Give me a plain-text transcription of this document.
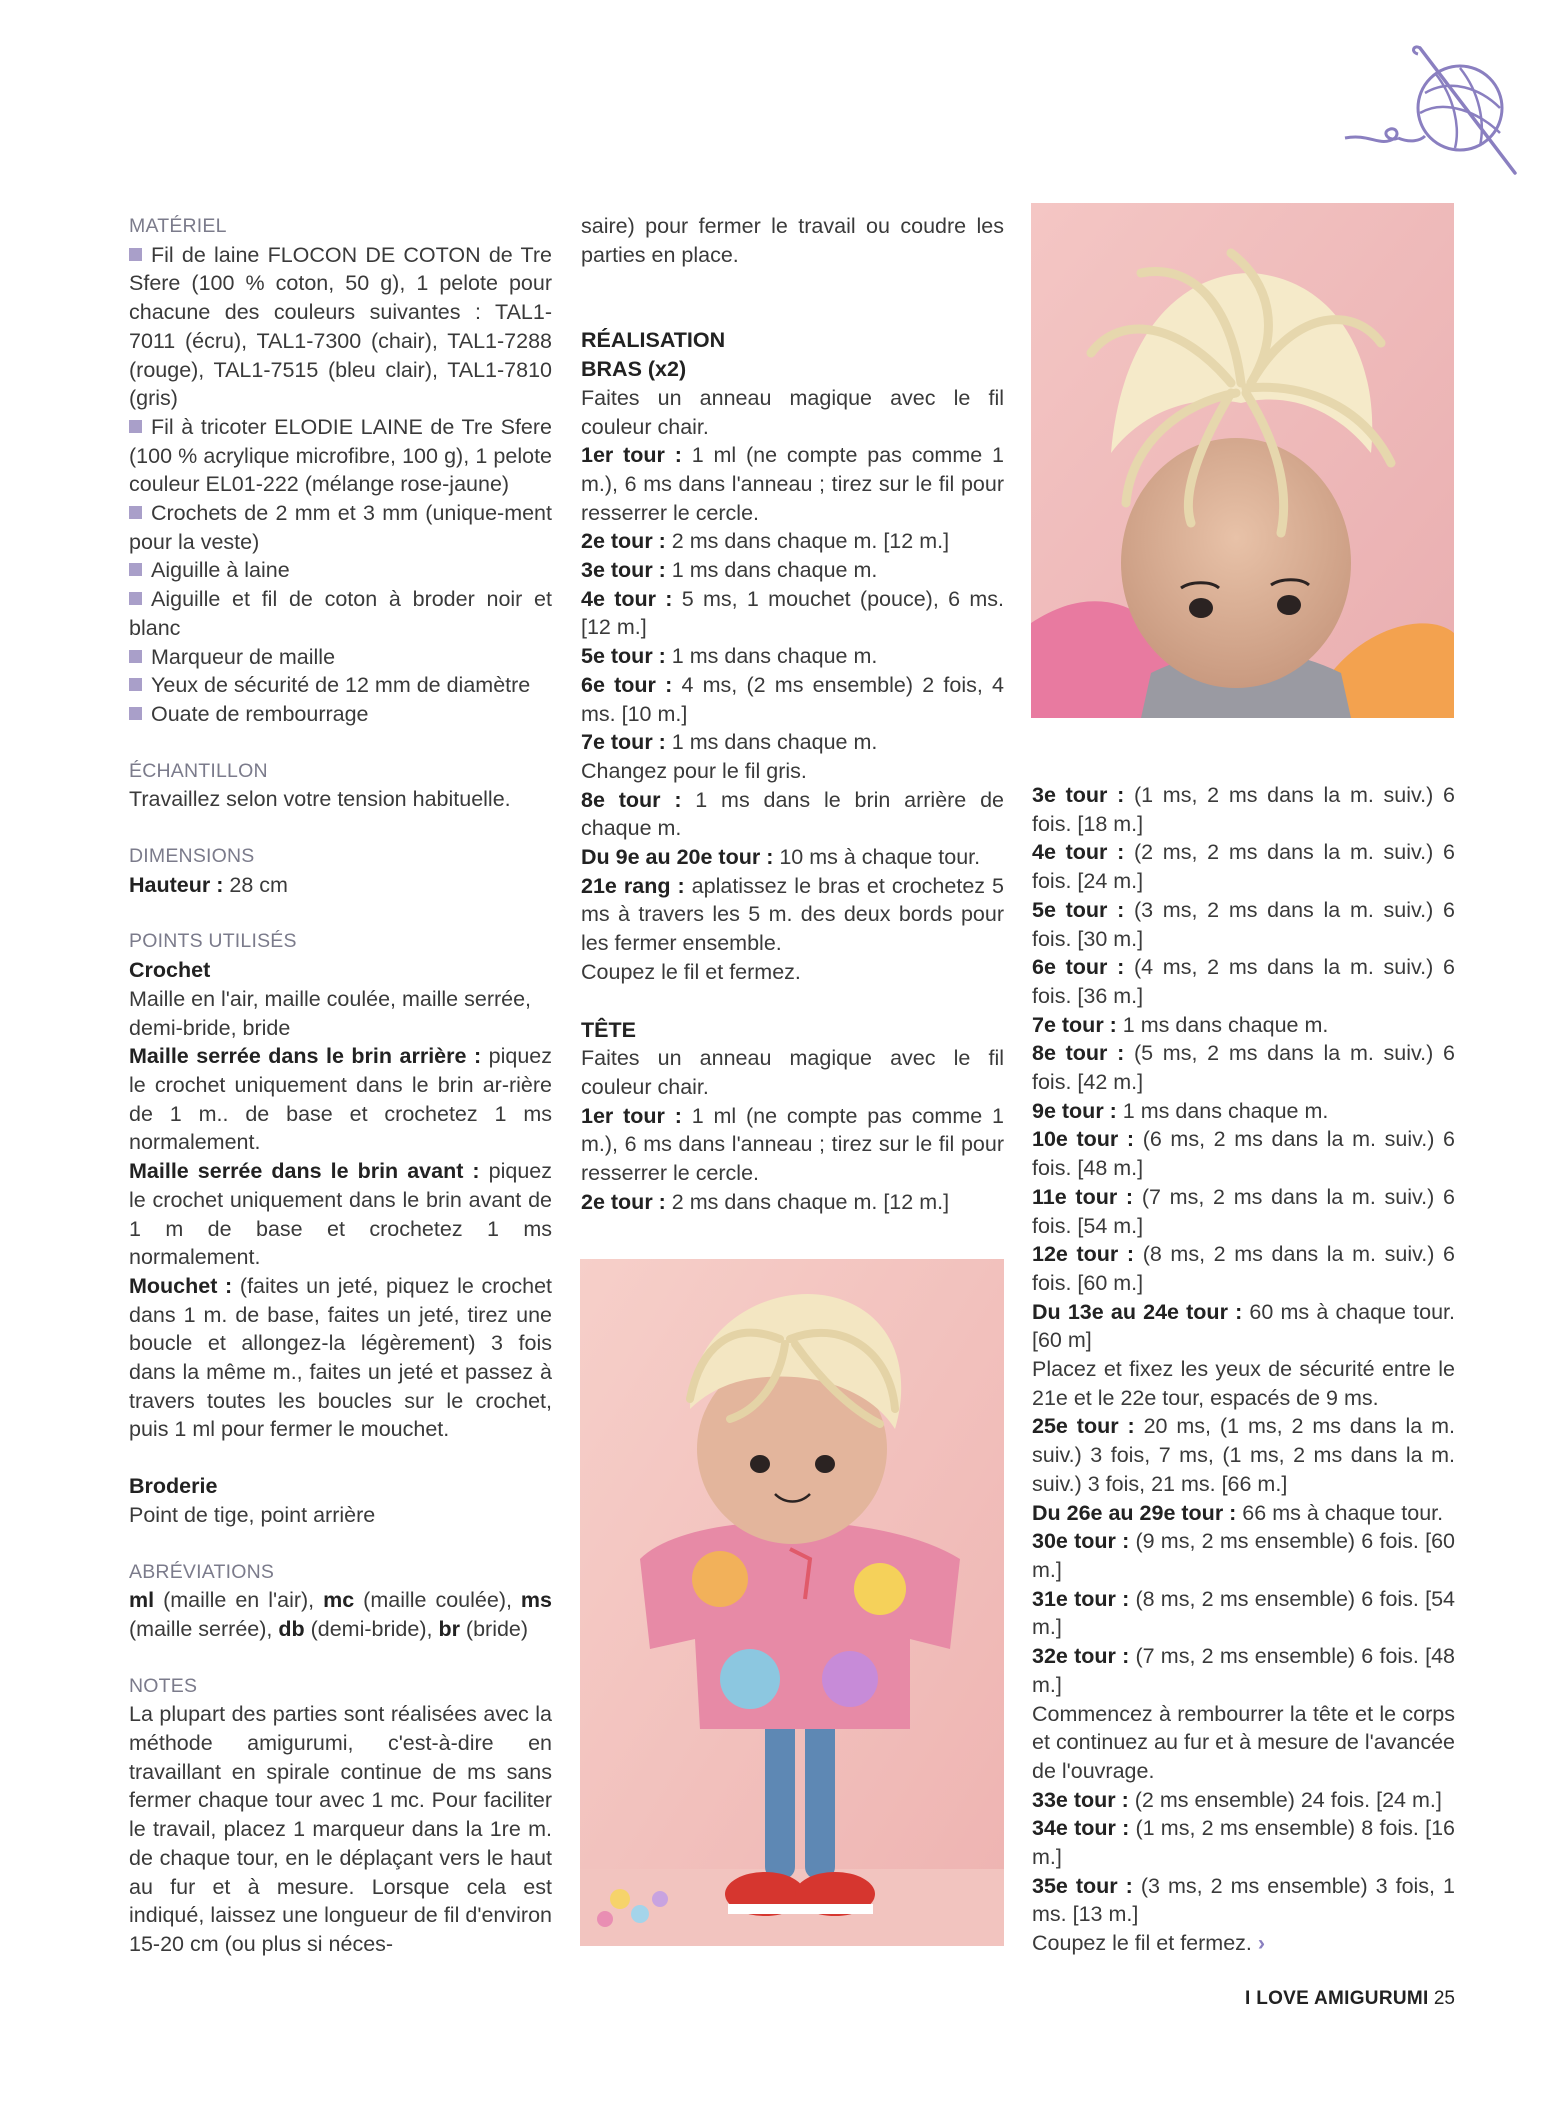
MATÉRIEL

Fil de laine FLOCON DE COTON de Tre Sfere (100 % coton, 50 g), 1 pelote pour chacune des couleurs suivantes : TAL1-7011 (écru), TAL1-7300 (chair), TAL1-7288 (rouge), TAL1-7515 (bleu clair), TAL1-7810 (gris)

Fil à tricoter ELODIE LAINE de Tre Sfere (100 % acrylique microfibre, 100 g), 1 pelote couleur EL01-222 (mélange rose-jaune)

Crochets de 2 mm et 3 mm (unique-ment pour la veste)

Aiguille à laine

Aiguille et fil de coton à broder noir et blanc

Marqueur de maille

Yeux de sécurité de 12 mm de diamètre

Ouate de rembourrage

ÉCHANTILLON

Travaillez selon votre tension habituelle.

DIMENSIONS

Hauteur : 28 cm

POINTS UTILISÉS

Crochet

Maille en l'air, maille coulée, maille serrée, demi-bride, bride

Maille serrée dans le brin arrière : piquez le crochet uniquement dans le brin ar-rière de 1 m.. de base et crochetez 1 ms normalement.

Maille serrée dans le brin avant : piquez le crochet uniquement dans le brin avant de 1 m de base et crochetez 1 ms normalement.

Mouchet : (faites un jeté, piquez le crochet dans 1 m. de base, faites un jeté, tirez une boucle et allongez-la légèrement) 3 fois dans la même m., faites un jeté et passez à travers toutes les boucles sur le crochet, puis 1 ml pour fermer le mouchet.

Broderie

Point de tige, point arrière

ABRÉVIATIONS

ml (maille en l'air), mc (maille coulée), ms (maille serrée), db (demi-bride), br (bride)

NOTES

La plupart des parties sont réalisées avec la méthode amigurumi, c'est-à-dire en travaillant en spirale continue de ms sans fermer chaque tour avec 1 mc. Pour faciliter le travail, placez 1 marqueur dans la 1re m. de chaque tour, en le déplaçant vers le haut au fur et à mesure. Lorsque cela est indiqué, laissez une longueur de fil d'environ 15-20 cm (ou plus si néces-

saire) pour fermer le travail ou coudre les parties en place.

RÉALISATION

BRAS (x2)

Faites un anneau magique avec le fil couleur chair.

1er tour : 1 ml (ne compte pas comme 1 m.), 6 ms dans l'anneau ; tirez sur le fil pour resserrer le cercle.

2e tour : 2 ms dans chaque m. [12 m.]

3e tour : 1 ms dans chaque m.

4e tour : 5 ms, 1 mouchet (pouce), 6 ms. [12 m.]

5e tour : 1 ms dans chaque m.

6e tour : 4 ms, (2 ms ensemble) 2 fois, 4 ms. [10 m.]

7e tour : 1 ms dans chaque m.

Changez pour le fil gris.

8e tour : 1 ms dans le brin arrière de chaque m.

Du 9e au 20e tour : 10 ms à chaque tour.

21e rang : aplatissez le bras et crochetez 5 ms à travers les 5 m. des deux bords pour les fermer ensemble.

Coupez le fil et fermez.

TÊTE

Faites un anneau magique avec le fil couleur chair.

1er tour : 1 ml (ne compte pas comme 1 m.), 6 ms dans l'anneau ; tirez sur le fil pour resserrer le cercle.

2e tour : 2 ms dans chaque m. [12 m.]

3e tour : (1 ms, 2 ms dans la m. suiv.) 6 fois. [18 m.]

4e tour : (2 ms, 2 ms dans la m. suiv.) 6 fois. [24 m.]

5e tour : (3 ms, 2 ms dans la m. suiv.) 6 fois. [30 m.]

6e tour : (4 ms, 2 ms dans la m. suiv.) 6 fois. [36 m.]

7e tour : 1 ms dans chaque m.

8e tour : (5 ms, 2 ms dans la m. suiv.) 6 fois. [42 m.]

9e tour : 1 ms dans chaque m.

10e tour : (6 ms, 2 ms dans la m. suiv.) 6 fois. [48 m.]

11e tour : (7 ms, 2 ms dans la m. suiv.) 6 fois. [54 m.]

12e tour : (8 ms, 2 ms dans la m. suiv.) 6 fois. [60 m.]

Du 13e au 24e tour : 60 ms à chaque tour. [60 m]

Placez et fixez les yeux de sécurité entre le 21e et le 22e tour, espacés de 9 ms.

25e tour : 20 ms, (1 ms, 2 ms dans la m. suiv.) 3 fois, 7 ms, (1 ms, 2 ms dans la m. suiv.) 3 fois, 21 ms. [66 m.]

Du 26e au 29e tour : 66 ms à chaque tour.

30e tour : (9 ms, 2 ms ensemble) 6 fois. [60 m.]

31e tour : (8 ms, 2 ms ensemble) 6 fois. [54 m.]

32e tour : (7 ms, 2 ms ensemble) 6 fois. [48 m.]

Commencez à rembourrer la tête et le corps et continuez au fur et à mesure de l'avancée de l'ouvrage.

33e tour : (2 ms ensemble) 24 fois. [24 m.]

34e tour : (1 ms, 2 ms ensemble) 8 fois. [16 m.]

35e tour : (3 ms, 2 ms ensemble) 3 fois, 1 ms. [13 m.]

Coupez le fil et fermez. ›

I LOVE AMIGURUMI 25
